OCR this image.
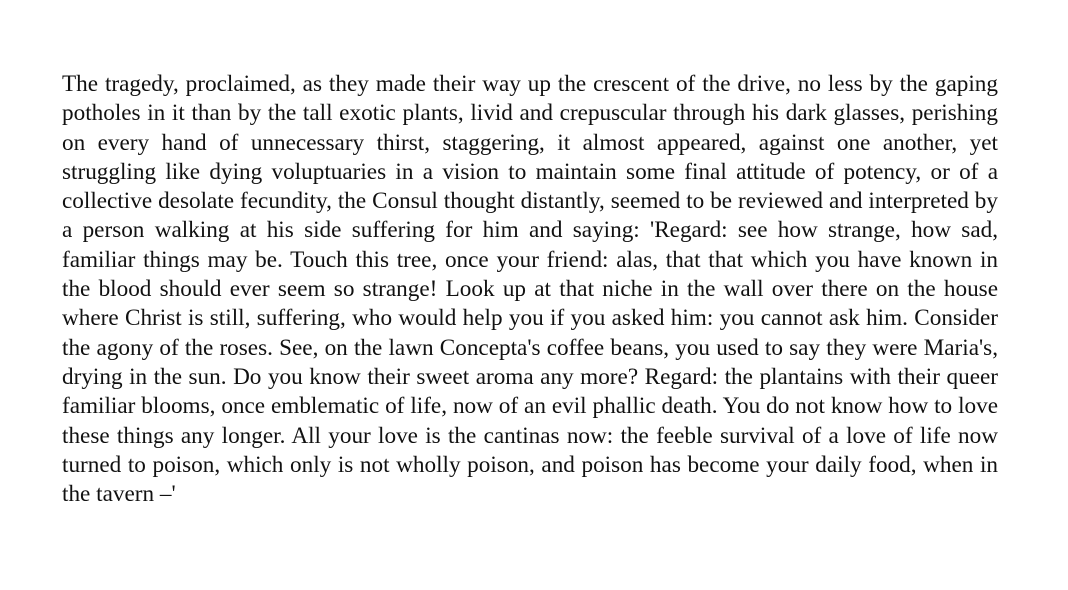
The tragedy, proclaimed, as they made their way up the crescent of the drive, no less by the gaping potholes in it than by the tall exotic plants, livid and crepuscular through his dark glasses, perishing on every hand of unnecessary thirst, staggering, it almost appeared, against one another, yet struggling like dying voluptuaries in a vision to maintain some final attitude of potency, or of a collective desolate fecundity, the Consul thought distantly, seemed to be reviewed and interpreted by a person walking at his side suffering for him and saying: 'Regard: see how strange, how sad, familiar things may be. Touch this tree, once your friend: alas, that that which you have known in the blood should ever seem so strange! Look up at that niche in the wall over there on the house where Christ is still, suffering, who would help you if you asked him: you cannot ask him. Consider the agony of the roses. See, on the lawn Concepta's coffee beans, you used to say they were Maria's, drying in the sun. Do you know their sweet aroma any more? Regard: the plantains with their queer familiar blooms, once emblematic of life, now of an evil phallic death. You do not know how to love these things any longer. All your love is the cantinas now: the feeble survival of a love of life now turned to poison, which only is not wholly poison, and poison has become your daily food, when in the tavern –'
